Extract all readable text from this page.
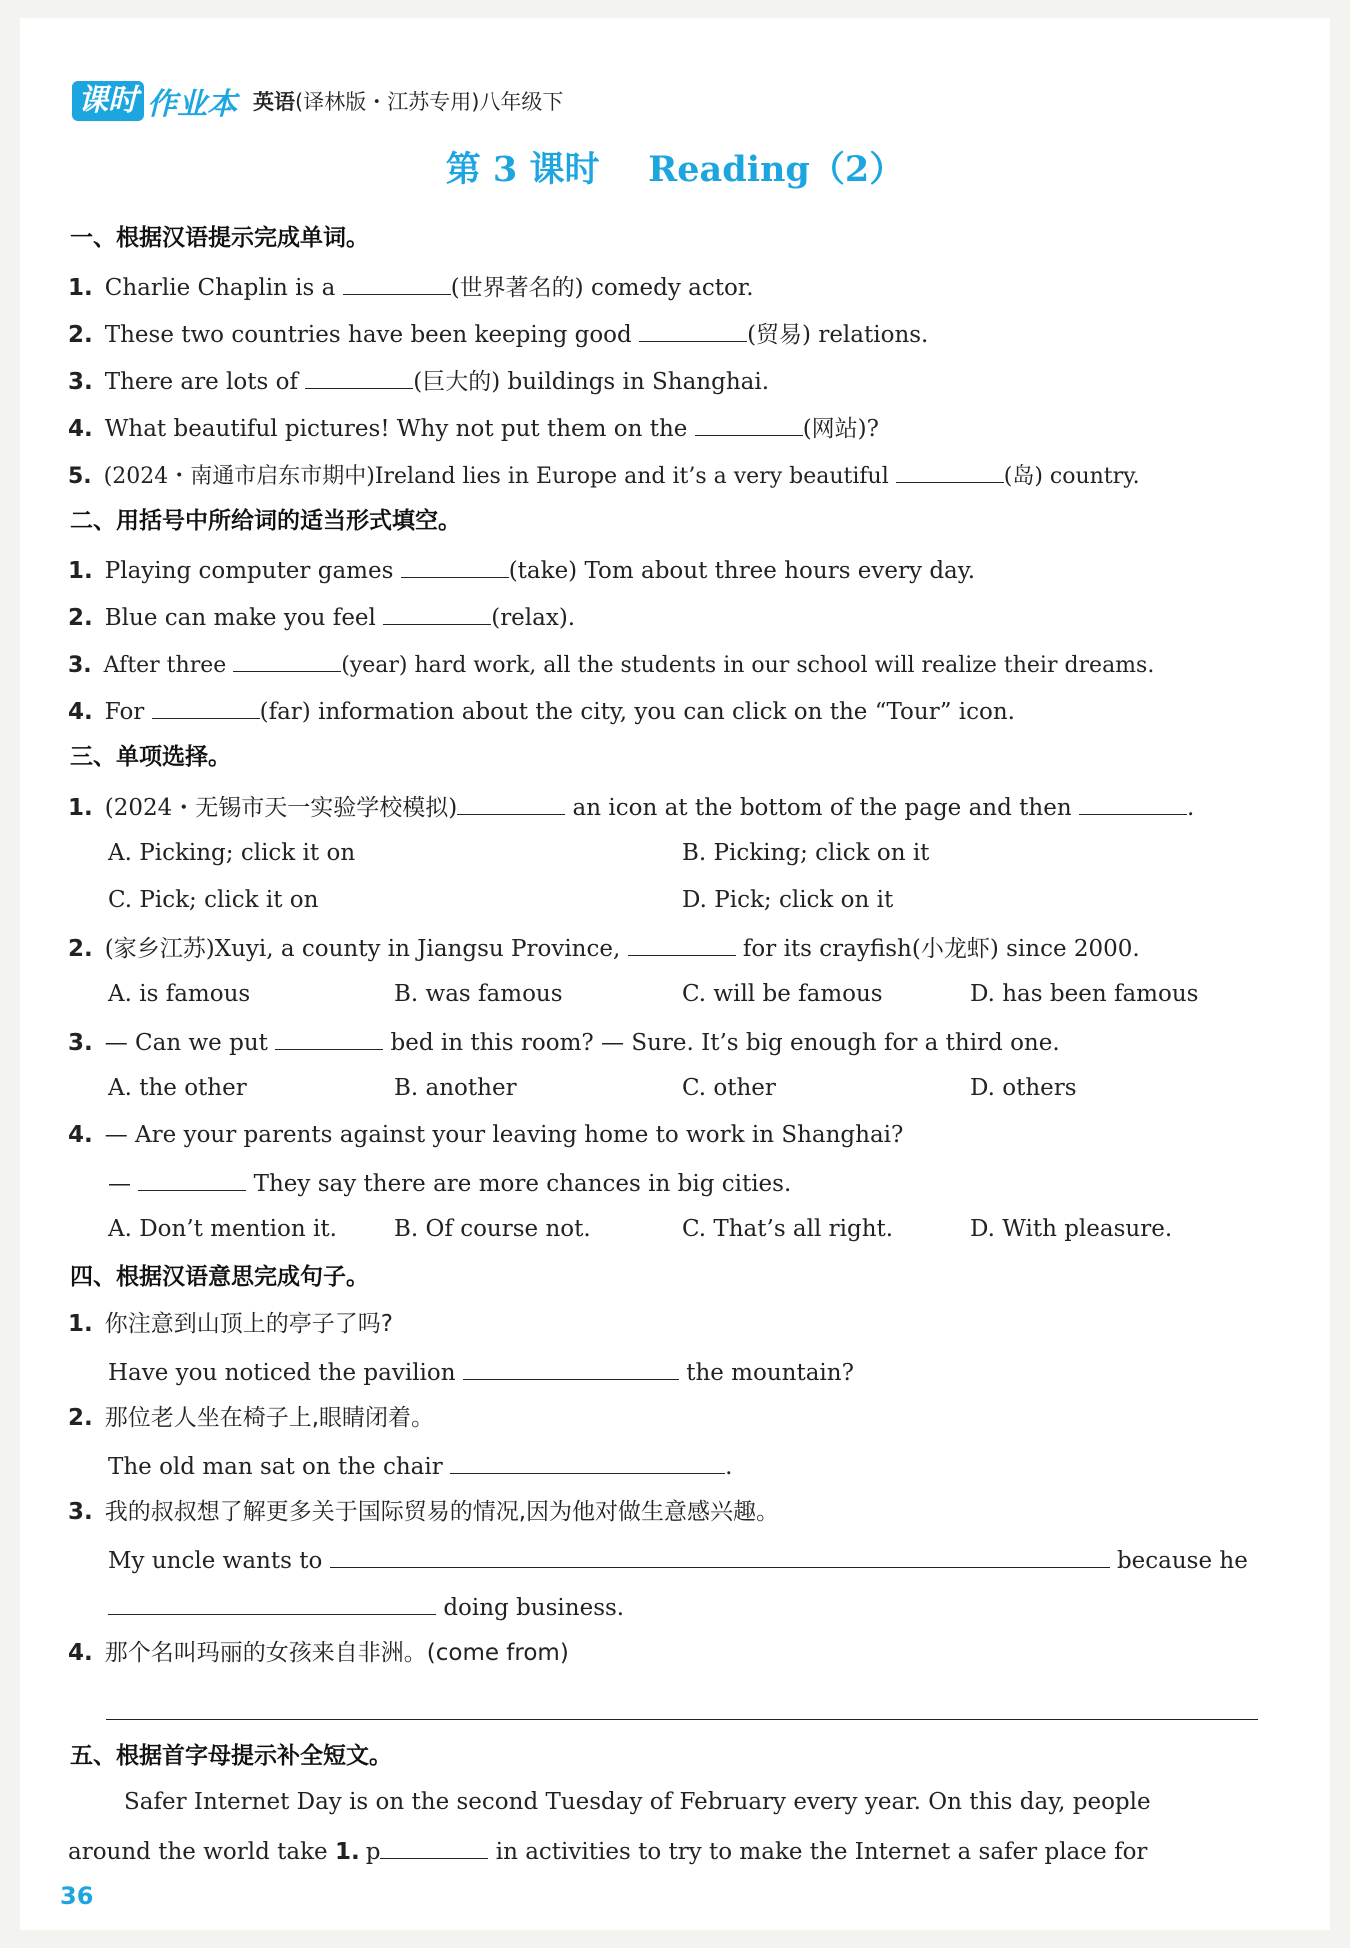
课时 作业本 英语(译林版・江苏专用)八年级下
第 3 课时    Reading（2）
一、根据汉语提示完成单词。
1. Charlie Chaplin is a	(世界著名的) comedy actor.
2. These two countries have been keeping good	(贸易) relations.
3. There are lots of	(巨大的) buildings in Shanghai.
4. What beautiful pictures! Why not put them on the	(网站)?
5. (2024・南通市启东市期中)Ireland lies in Europe and it’s a very beautiful	(岛) country.
二、用括号中所给词的适当形式填空。
1. Playing computer games	(take) Tom about three hours every day.
2. Blue can make you feel	(relax).
3. After three	(year) hard work, all the students in our school will realize their dreams.
4. For	(far) information about the city, you can click on the “Tour” icon.
三、单项选择。
1. (2024・无锡市天一实验学校模拟)	an icon at the bottom of the page and then	.
A. Picking; click it on	B. Picking; click on it
C. Pick; click it on	D. Pick; click on it
2. (家乡江苏)Xuyi, a county in Jiangsu Province,	for its crayfish(小龙虾) since 2000.
A. is famous	B. was famous	C. will be famous	D. has been famous
3. — Can we put	bed in this room? — Sure. It’s big enough for a third one.
A. the other	B. another	C. other	D. others
4. — Are your parents against your leaving home to work in Shanghai?
—	They say there are more chances in big cities.
A. Don’t mention it. B. Of course not.	C. That’s all right.	D. With pleasure.
四、根据汉语意思完成句子。
1. 你注意到山顶上的亭子了吗?
Have you noticed the pavilion	the mountain?
2. 那位老人坐在椅子上,眼睛闭着。
The old man sat on the chair	.
3. 我的叔叔想了解更多关于国际贸易的情况,因为他对做生意感兴趣。
My uncle wants to	because he
doing business.
4. 那个名叫玛丽的女孩来自非洲。(come from)
五、根据首字母提示补全短文。
Safer Internet Day is on the second Tuesday of February every year. On this day, people
around the world take 1. p	in activities to try to make the Internet a safer place for
36
